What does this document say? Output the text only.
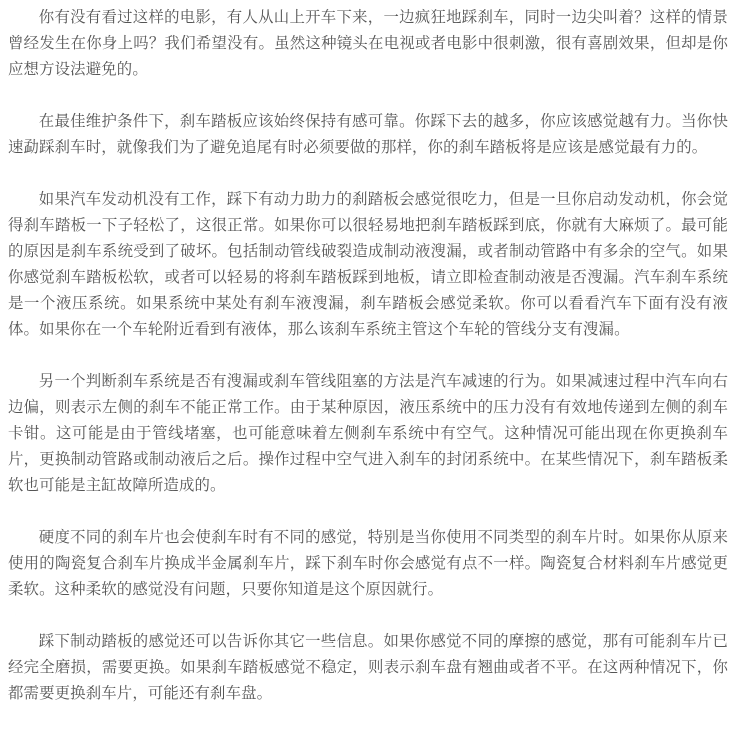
你有没有看过这样的电影，有人从山上开车下来，一边疯狂地踩刹车，同时一边尖叫着？这样的情景曾经发生在你身上吗？我们希望没有。虽然这种镜头在电视或者电影中很刺激，很有喜剧效果，但却是你应想方设法避免的。

在最佳维护条件下，刹车踏板应该始终保持有感可靠。你踩下去的越多，你应该感觉越有力。当你快速勐踩刹车时，就像我们为了避免追尾有时必须要做的那样，你的刹车踏板将是应该是感觉最有力的。

如果汽车发动机没有工作，踩下有动力助力的刹踏板会感觉很吃力，但是一旦你启动发动机，你会觉得刹车踏板一下子轻松了，这很正常。如果你可以很轻易地把刹车踏板踩到底，你就有大麻烦了。最可能的原因是刹车系统受到了破坏。包括制动管线破裂造成制动液溲漏，或者制动管路中有多余的空气。如果你感觉刹车踏板松软，或者可以轻易的将刹车踏板踩到地板，请立即检查制动液是否溲漏。汽车刹车系统是一个液压系统。如果系统中某处有刹车液溲漏，刹车踏板会感觉柔软。你可以看看汽车下面有没有液体。如果你在一个车轮附近看到有液体，那么该刹车系统主管这个车轮的管线分支有溲漏。

另一个判断刹车系统是否有溲漏或刹车管线阻塞的方法是汽车减速的行为。如果减速过程中汽车向右边偏，则表示左侧的刹车不能正常工作。由于某种原因，液压系统中的压力没有有效地传递到左侧的刹车卡钳。这可能是由于管线堵塞，也可能意味着左侧刹车系统中有空气。这种情况可能出现在你更换刹车片，更换制动管路或制动液后之后。操作过程中空气进入刹车的封闭系统中。在某些情况下，刹车踏板柔软也可能是主缸故障所造成的。

硬度不同的刹车片也会使刹车时有不同的感觉，特别是当你使用不同类型的刹车片时。如果你从原来使用的陶瓷复合刹车片换成半金属刹车片，踩下刹车时你会感觉有点不一样。陶瓷复合材料刹车片感觉更柔软。这种柔软的感觉没有问题，只要你知道是这个原因就行。

踩下制动踏板的感觉还可以告诉你其它一些信息。如果你感觉不同的摩擦的感觉，那有可能刹车片已经完全磨损，需要更换。如果刹车踏板感觉不稳定，则表示刹车盘有翘曲或者不平。在这两种情况下，你都需要更换刹车片，可能还有刹车盘。
